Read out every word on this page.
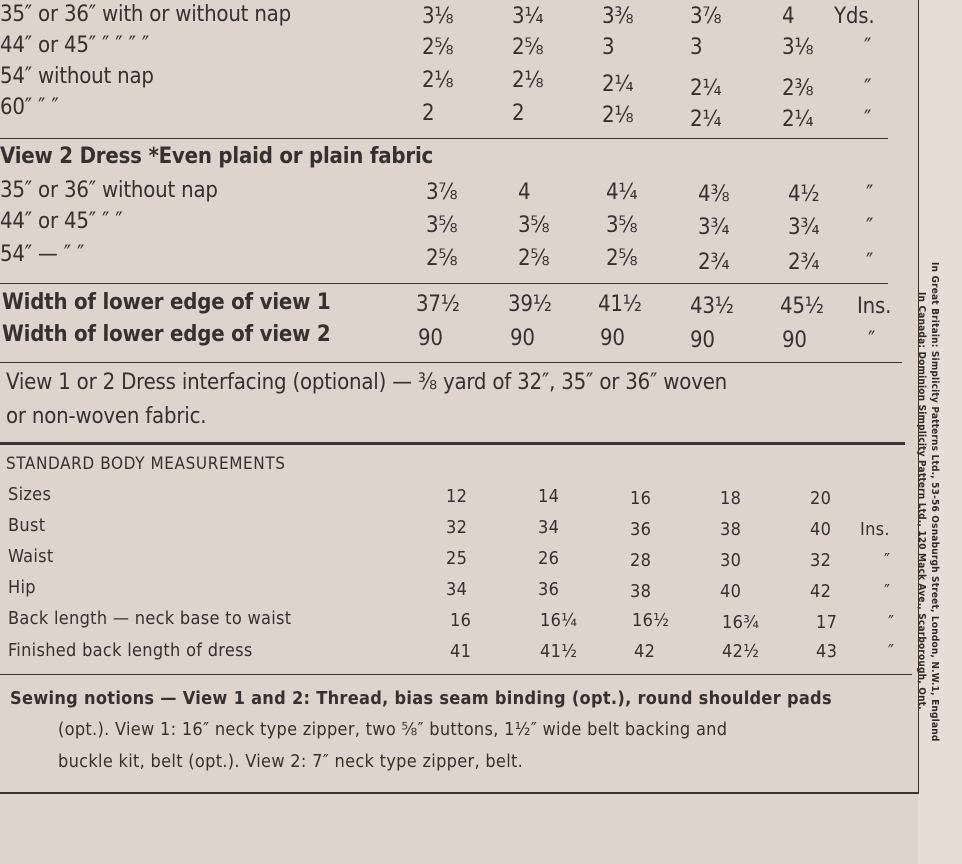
35″ or 36″ with or without nap	3⅛	3¼	3⅜	3⅞	4 Yds.
44″ or 45″ ″ ″ ″ ″	2⅝	2⅝	3	3	3⅛ ″
54″ without nap	2⅛	2⅛	2¼	2¼	2⅜ ″
60″ ″ ″	2	2	2⅛	2¼	2¼ ″
View 2 Dress *Even plaid or plain fabric
35″ or 36″ without nap	3⅞	4	4¼	4⅜	4½ ″
44″ or 45″ ″ ″	3⅝	3⅝	3⅝	3¾	3¾ ″
54″ — ″ ″	2⅝	2⅝	2⅝	2¾	2¾ ″
Width of lower edge of view 1	37½ 39½ 41½ 43½ 45½ Ins.
Width of lower edge of view 2	90	90	90	90	90	″
View 1 or 2 Dress interfacing (optional) — ⅜ yard of 32″, 35″ or 36″ woven
or non-woven fabric.
STANDARD BODY MEASUREMENTS
Sizes	12	14	16	18	20
Bust	32	34	36	38	40 Ins.
Waist	25	26	28	30	32	″
Hip	34	36	38	40	42	″
Back length — neck base to waist	16	16¼	16½	16¾	17	″
Finished back length of dress	41	41½	42	42½	43	″
Sewing notions — View 1 and 2: Thread, bias seam binding (opt.), round shoulder pads
(opt.). View 1: 16″ neck type zipper, two ⅝″ buttons, 1½″ wide belt backing and
buckle kit, belt (opt.). View 2: 7″ neck type zipper, belt.
In Great Britain: Simplicity Patterns Ltd., 53-56 Osnaburgh Street, London, N.W.1, England
In Canada: Dominion Simplicity Pattern Ltd., 120 Mack Ave., Scarborough, Ont.
